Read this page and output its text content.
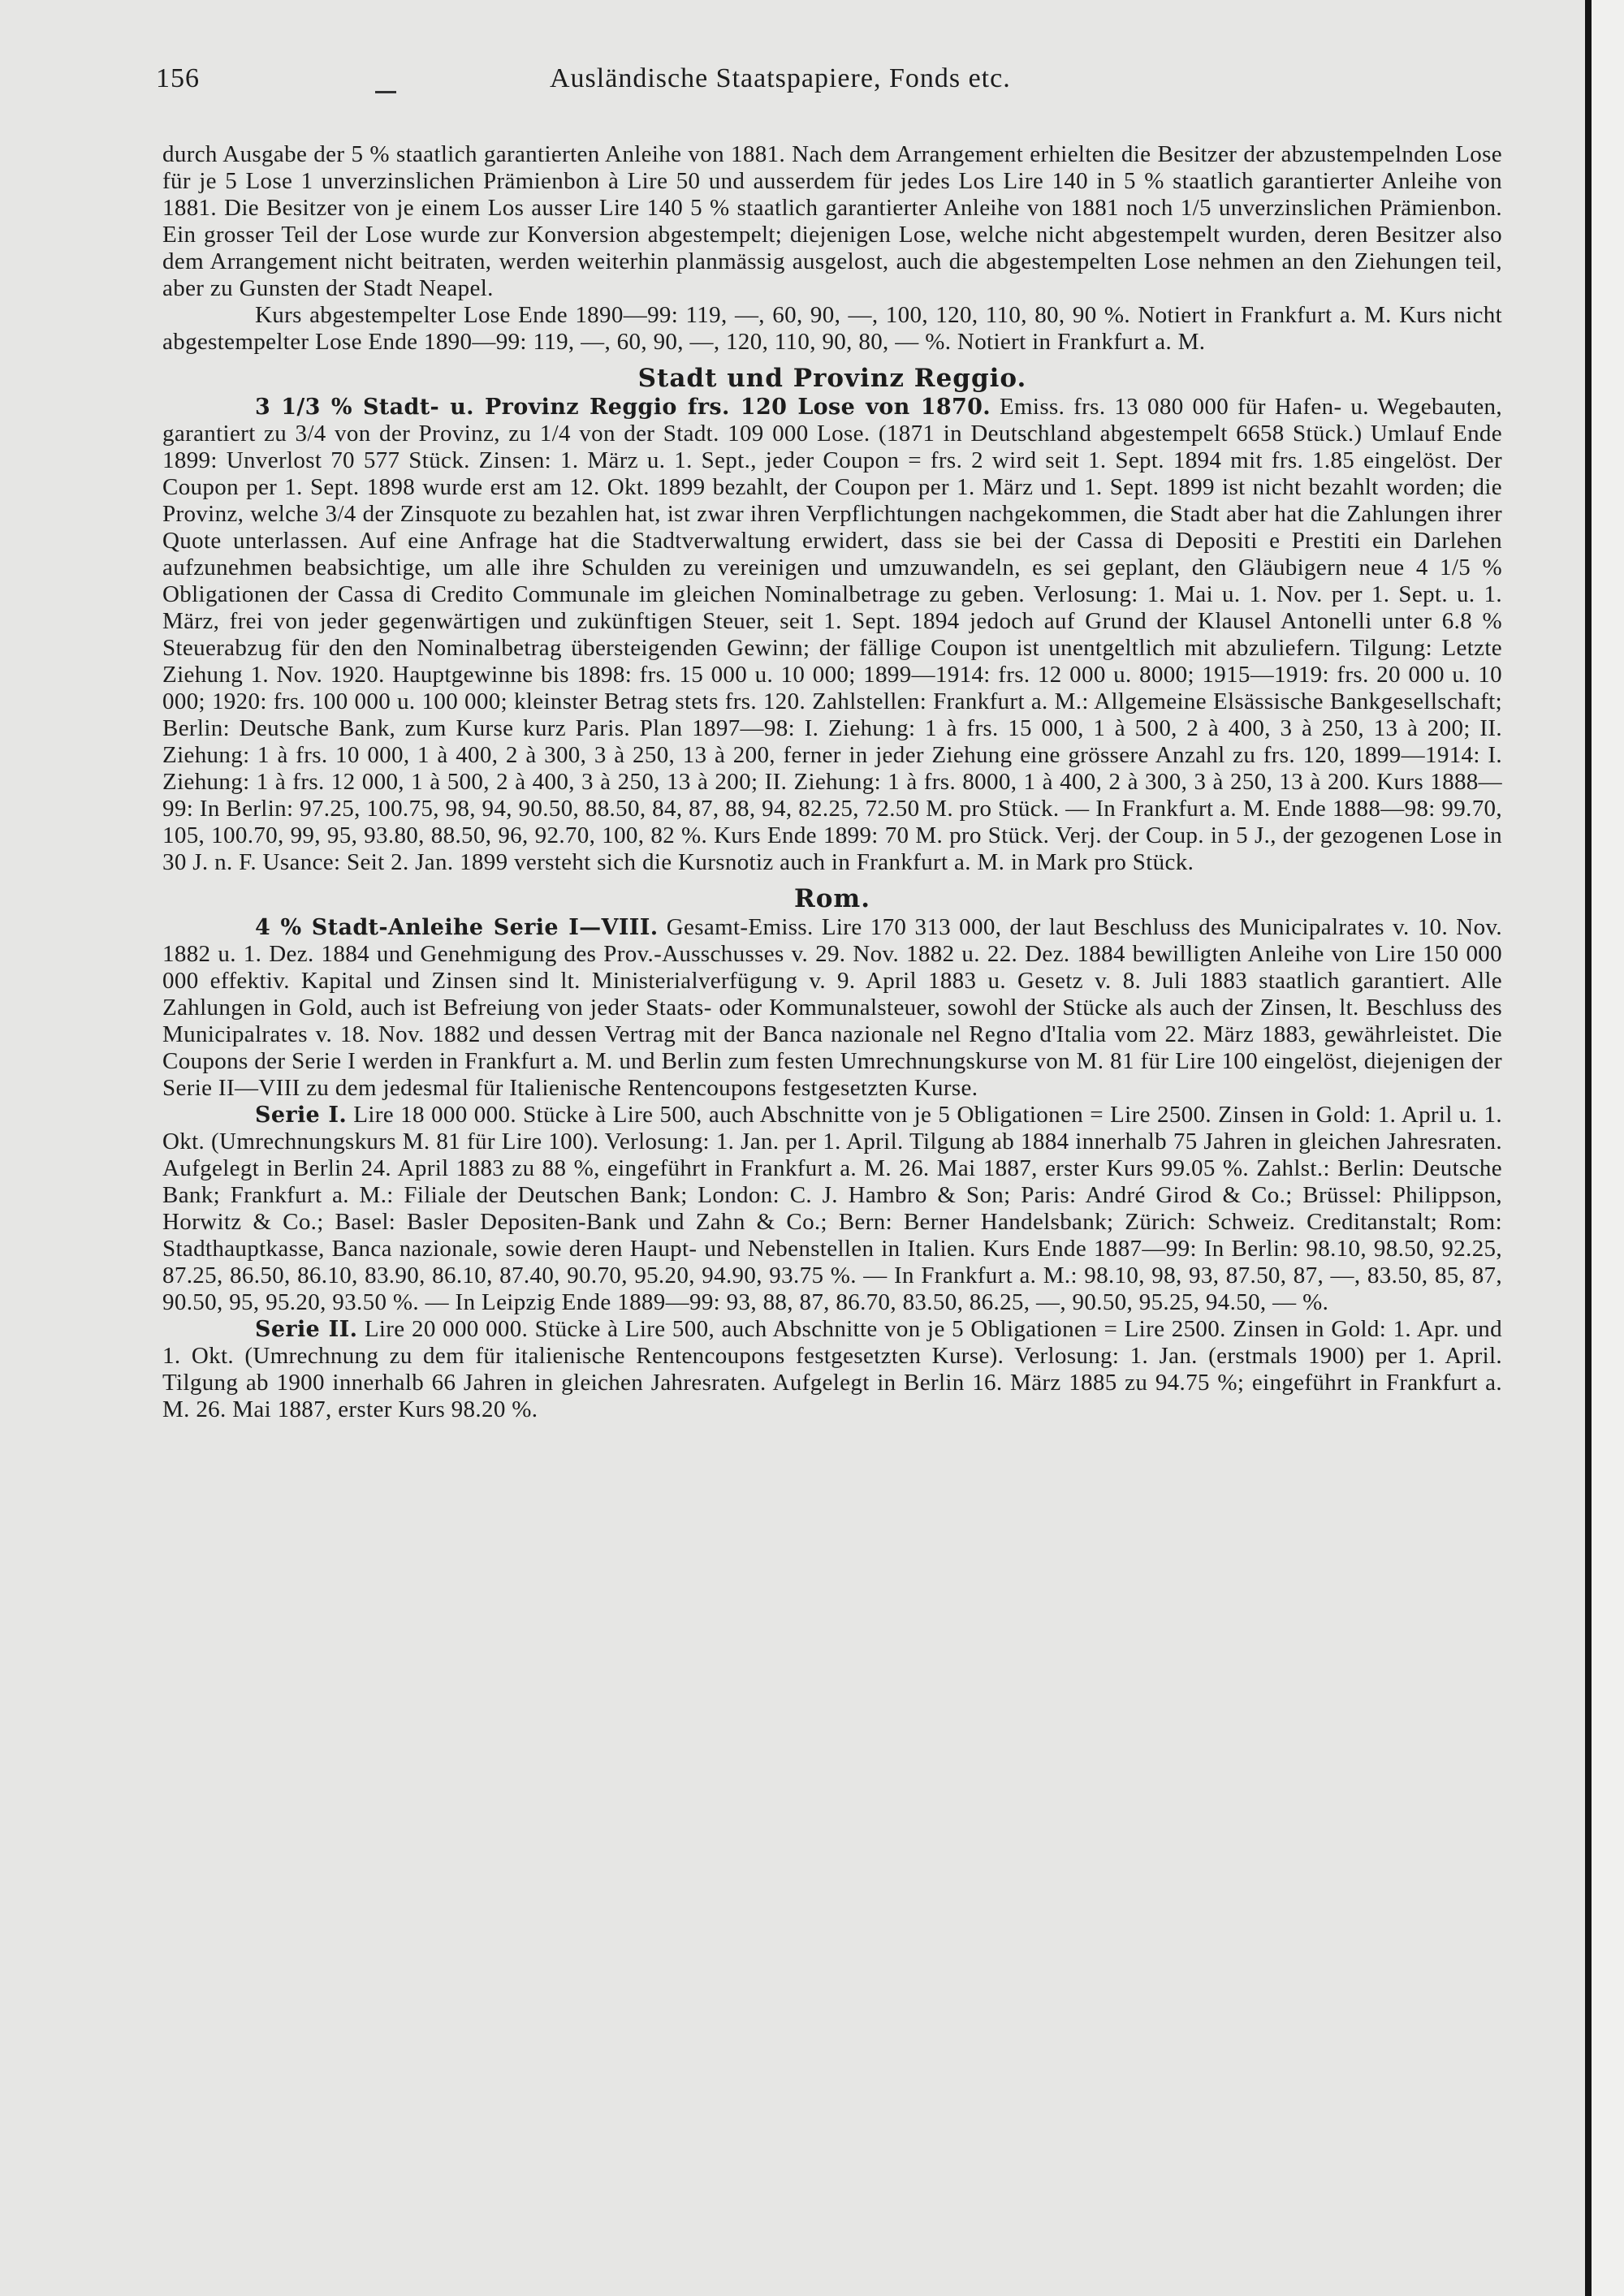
156	Ausländische Staatspapiere, Fonds etc.

durch Ausgabe der 5 % staatlich garantierten Anleihe von 1881. Nach dem Arrangement erhielten die Besitzer der abzustempelnden Lose für je 5 Lose 1 unverzinslichen Prämienbon à Lire 50 und ausserdem für jedes Los Lire 140 in 5 % staatlich garantierter Anleihe von 1881. Die Besitzer von je einem Los ausser Lire 140 5 % staatlich garantierter Anleihe von 1881 noch 1/5 unverzinslichen Prämienbon. Ein grosser Teil der Lose wurde zur Konversion abgestempelt; diejenigen Lose, welche nicht abgestempelt wurden, deren Besitzer also dem Arrangement nicht beitraten, werden weiterhin planmässig ausgelost, auch die abgestempelten Lose nehmen an den Ziehungen teil, aber zu Gunsten der Stadt Neapel.

Kurs abgestempelter Lose Ende 1890—99: 119, —, 60, 90, —, 100, 120, 110, 80, 90 %. Notiert in Frankfurt a. M. Kurs nicht abgestempelter Lose Ende 1890—99: 119, —, 60, 90, —, 120, 110, 90, 80, — %. Notiert in Frankfurt a. M.

Stadt und Provinz Reggio.

3 1/3 % Stadt- u. Provinz Reggio frs. 120 Lose von 1870. Emiss. frs. 13 080 000 für Hafen- u. Wegebauten, garantiert zu 3/4 von der Provinz, zu 1/4 von der Stadt. 109 000 Lose. (1871 in Deutschland abgestempelt 6658 Stück.) Umlauf Ende 1899: Unverlost 70 577 Stück. Zinsen: 1. März u. 1. Sept., jeder Coupon = frs. 2 wird seit 1. Sept. 1894 mit frs. 1.85 eingelöst. Der Coupon per 1. Sept. 1898 wurde erst am 12. Okt. 1899 bezahlt, der Coupon per 1. März und 1. Sept. 1899 ist nicht bezahlt worden; die Provinz, welche 3/4 der Zinsquote zu bezahlen hat, ist zwar ihren Verpflichtungen nachgekommen, die Stadt aber hat die Zahlungen ihrer Quote unterlassen. Auf eine Anfrage hat die Stadtverwaltung erwidert, dass sie bei der Cassa di Depositi e Prestiti ein Darlehen aufzunehmen beabsichtige, um alle ihre Schulden zu vereinigen und umzuwandeln, es sei geplant, den Gläubigern neue 4 1/5 % Obligationen der Cassa di Credito Communale im gleichen Nominalbetrage zu geben. Verlosung: 1. Mai u. 1. Nov. per 1. Sept. u. 1. März, frei von jeder gegenwärtigen und zukünftigen Steuer, seit 1. Sept. 1894 jedoch auf Grund der Klausel Antonelli unter 6.8 % Steuerabzug für den den Nominalbetrag übersteigenden Gewinn; der fällige Coupon ist unentgeltlich mit abzuliefern. Tilgung: Letzte Ziehung 1. Nov. 1920. Hauptgewinne bis 1898: frs. 15 000 u. 10 000; 1899—1914: frs. 12 000 u. 8000; 1915—1919: frs. 20 000 u. 10 000; 1920: frs. 100 000 u. 100 000; kleinster Betrag stets frs. 120. Zahlstellen: Frankfurt a. M.: Allgemeine Elsässische Bankgesellschaft; Berlin: Deutsche Bank, zum Kurse kurz Paris. Plan 1897—98: I. Ziehung: 1 à frs. 15 000, 1 à 500, 2 à 400, 3 à 250, 13 à 200; II. Ziehung: 1 à frs. 10 000, 1 à 400, 2 à 300, 3 à 250, 13 à 200, ferner in jeder Ziehung eine grössere Anzahl zu frs. 120, 1899—1914: I. Ziehung: 1 à frs. 12 000, 1 à 500, 2 à 400, 3 à 250, 13 à 200; II. Ziehung: 1 à frs. 8000, 1 à 400, 2 à 300, 3 à 250, 13 à 200. Kurs 1888—99: In Berlin: 97.25, 100.75, 98, 94, 90.50, 88.50, 84, 87, 88, 94, 82.25, 72.50 M. pro Stück. — In Frankfurt a. M. Ende 1888—98: 99.70, 105, 100.70, 99, 95, 93.80, 88.50, 96, 92.70, 100, 82 %. Kurs Ende 1899: 70 M. pro Stück. Verj. der Coup. in 5 J., der gezogenen Lose in 30 J. n. F. Usance: Seit 2. Jan. 1899 versteht sich die Kursnotiz auch in Frankfurt a. M. in Mark pro Stück.

Rom.

4 % Stadt-Anleihe Serie I—VIII. Gesamt-Emiss. Lire 170 313 000, der laut Beschluss des Municipalrates v. 10. Nov. 1882 u. 1. Dez. 1884 und Genehmigung des Prov.-Ausschusses v. 29. Nov. 1882 u. 22. Dez. 1884 bewilligten Anleihe von Lire 150 000 000 effektiv. Kapital und Zinsen sind lt. Ministerialverfügung v. 9. April 1883 u. Gesetz v. 8. Juli 1883 staatlich garantiert. Alle Zahlungen in Gold, auch ist Befreiung von jeder Staats- oder Kommunalsteuer, sowohl der Stücke als auch der Zinsen, lt. Beschluss des Municipalrates v. 18. Nov. 1882 und dessen Vertrag mit der Banca nazionale nel Regno d'Italia vom 22. März 1883, gewährleistet. Die Coupons der Serie I werden in Frankfurt a. M. und Berlin zum festen Umrechnungskurse von M. 81 für Lire 100 eingelöst, diejenigen der Serie II—VIII zu dem jedesmal für Italienische Rentencoupons festgesetzten Kurse.

Serie I. Lire 18 000 000. Stücke à Lire 500, auch Abschnitte von je 5 Obligationen = Lire 2500. Zinsen in Gold: 1. April u. 1. Okt. (Umrechnungskurs M. 81 für Lire 100). Verlosung: 1. Jan. per 1. April. Tilgung ab 1884 innerhalb 75 Jahren in gleichen Jahresraten. Aufgelegt in Berlin 24. April 1883 zu 88 %, eingeführt in Frankfurt a. M. 26. Mai 1887, erster Kurs 99.05 %. Zahlst.: Berlin: Deutsche Bank; Frankfurt a. M.: Filiale der Deutschen Bank; London: C. J. Hambro & Son; Paris: André Girod & Co.; Brüssel: Philippson, Horwitz & Co.; Basel: Basler Depositen-Bank und Zahn & Co.; Bern: Berner Handelsbank; Zürich: Schweiz. Creditanstalt; Rom: Stadthauptkasse, Banca nazionale, sowie deren Haupt- und Nebenstellen in Italien. Kurs Ende 1887—99: In Berlin: 98.10, 98.50, 92.25, 87.25, 86.50, 86.10, 83.90, 86.10, 87.40, 90.70, 95.20, 94.90, 93.75 %. — In Frankfurt a. M.: 98.10, 98, 93, 87.50, 87, —, 83.50, 85, 87, 90.50, 95, 95.20, 93.50 %. — In Leipzig Ende 1889—99: 93, 88, 87, 86.70, 83.50, 86.25, —, 90.50, 95.25, 94.50, — %.

Serie II. Lire 20 000 000. Stücke à Lire 500, auch Abschnitte von je 5 Obligationen = Lire 2500. Zinsen in Gold: 1. Apr. und 1. Okt. (Umrechnung zu dem für italienische Rentencoupons festgesetzten Kurse). Verlosung: 1. Jan. (erstmals 1900) per 1. April. Tilgung ab 1900 innerhalb 66 Jahren in gleichen Jahresraten. Aufgelegt in Berlin 16. März 1885 zu 94.75 %; eingeführt in Frankfurt a. M. 26. Mai 1887, erster Kurs 98.20 %.
